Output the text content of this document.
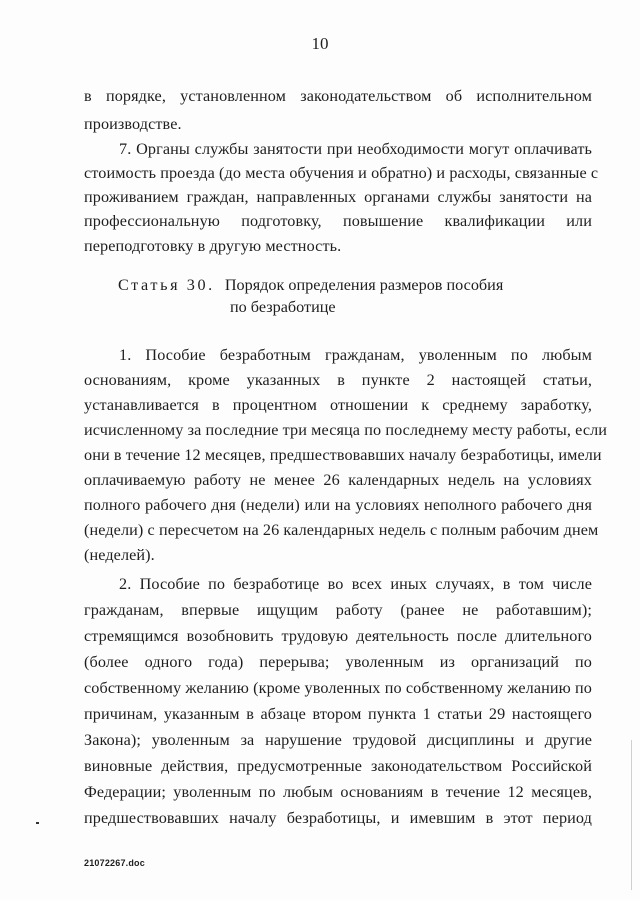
10
в порядке, установленном законодательством об исполнительном
производстве.
7. Органы службы занятости при необходимости могут оплачивать
стоимость проезда (до места обучения и обратно) и расходы, связанные с
проживанием граждан, направленных органами службы занятости на
профессиональную подготовку, повышение квалификации или
переподготовку в другую местность.
Статья 30. Порядок определения размеров пособия
по безработице
1. Пособие безработным гражданам, уволенным по любым
основаниям, кроме указанных в пункте 2 настоящей статьи,
устанавливается в процентном отношении к среднему заработку,
исчисленному за последние три месяца по последнему месту работы, если
они в течение 12 месяцев, предшествовавших началу безработицы, имели
оплачиваемую работу не менее 26 календарных недель на условиях
полного рабочего дня (недели) или на условиях неполного рабочего дня
(недели) с пересчетом на 26 календарных недель с полным рабочим днем
(неделей).
2. Пособие по безработице во всех иных случаях, в том числе
гражданам, впервые ищущим работу (ранее не работавшим);
стремящимся возобновить трудовую деятельность после длительного
(более одного года) перерыва; уволенным из организаций по
собственному желанию (кроме уволенных по собственному желанию по
причинам, указанным в абзаце втором пункта 1 статьи 29 настоящего
Закона); уволенным за нарушение трудовой дисциплины и другие
виновные действия, предусмотренные законодательством Российской
Федерации; уволенным по любым основаниям в течение 12 месяцев,
предшествовавших началу безработицы, и имевшим в этот период
21072267.doc
